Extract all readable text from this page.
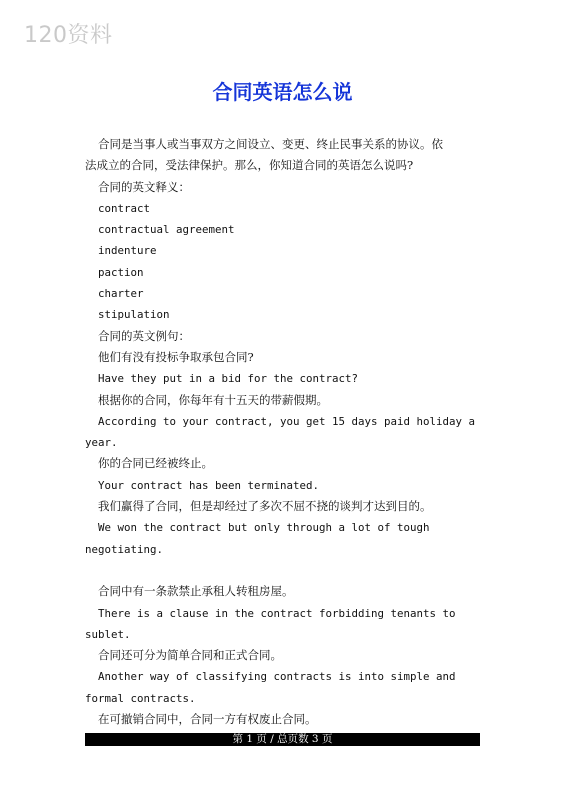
120资料
合同英语怎么说
合同是当事人或当事双方之间设立、变更、终止民事关系的协议。依
法成立的合同，受法律保护。那么，你知道合同的英语怎么说吗?
合同的英文释义：
contract
contractual agreement
indenture
paction
charter
stipulation
合同的英文例句：
他们有没有投标争取承包合同?
Have they put in a bid for the contract?
根据你的合同，你每年有十五天的带薪假期。
According to your contract, you get 15 days paid holiday a
year.
你的合同已经被终止。
Your contract has been terminated.
我们赢得了合同，但是却经过了多次不屈不挠的谈判才达到目的。
We won the contract but only through a lot of tough
negotiating.
合同中有一条款禁止承租人转租房屋。
There is a clause in the contract forbidding tenants to
sublet.
合同还可分为简单合同和正式合同。
Another way of classifying contracts is into simple and
formal contracts.
在可撤销合同中，合同一方有权废止合同。
第 1 页 / 总页数 3 页
